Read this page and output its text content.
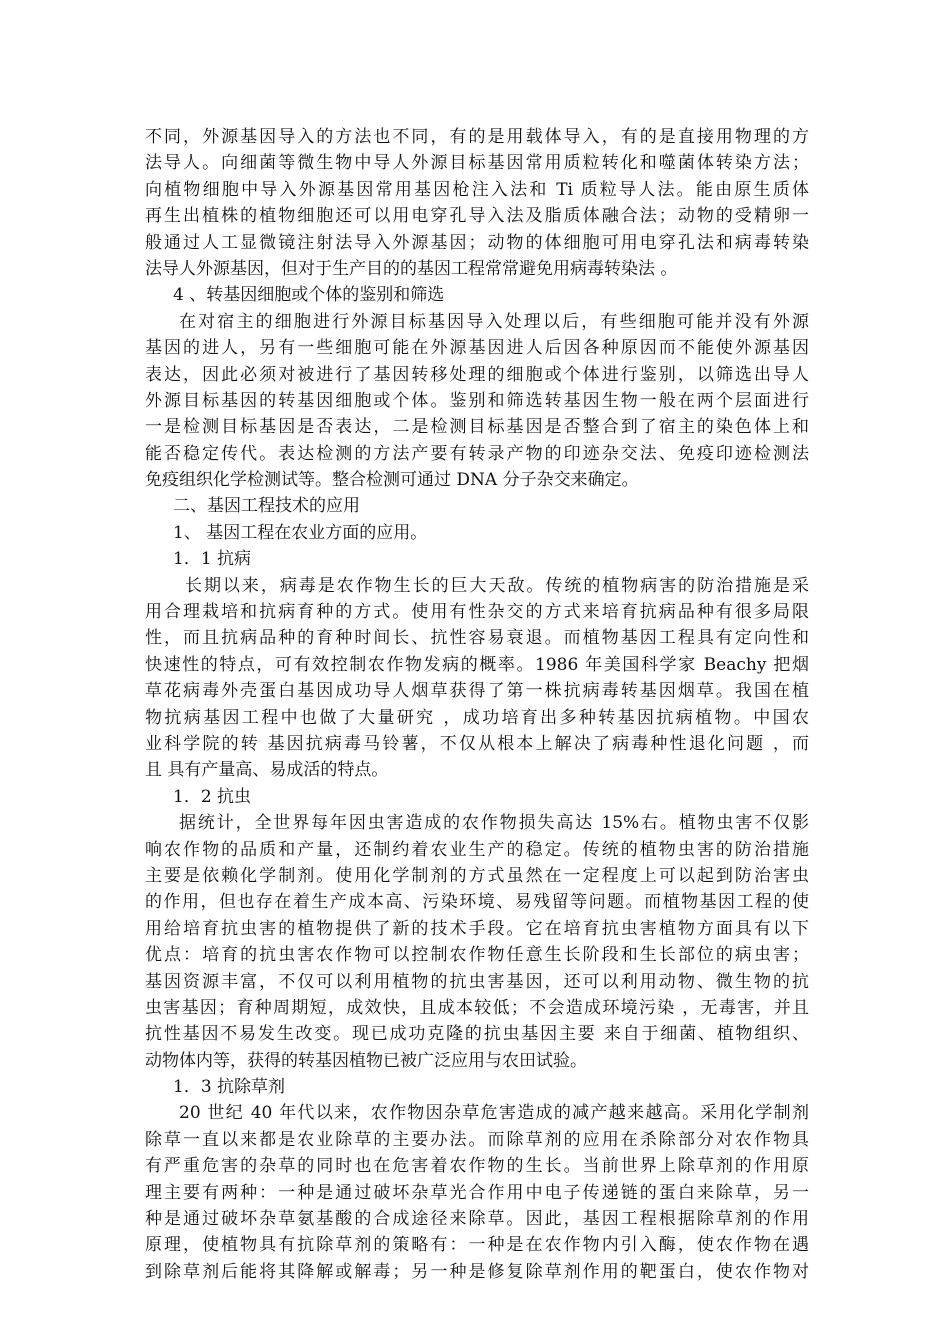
不同，外源基因导入的方法也不同，有的是用载体导入，有的是直接用物理的方
法导人。向细菌等微生物中导人外源目标基因常用质粒转化和噬菌体转染方法；
向植物细胞中导入外源基因常用基因枪注入法和 Ti 质粒导人法。能由原生质体
再生出植株的植物细胞还可以用电穿孔导入法及脂质体融合法；动物的受精卵一
般通过人工显微镜注射法导入外源基因；动物的体细胞可用电穿孔法和病毒转染
法导人外源基因，但对于生产目的的基因工程常常避免用病毒转染法 。
4 、转基因细胞或个体的鉴别和筛选
在对宿主的细胞进行外源目标基因导入处理以后，有些细胞可能并没有外源
基因的进人，另有一些细胞可能在外源基因进人后因各种原因而不能使外源基因
表达，因此必须对被进行了基因转移处理的细胞或个体进行鉴别，以筛选出导人
外源目标基因的转基因细胞或个体。鉴别和筛选转基因生物一般在两个层面进行
一是检测目标基因是否表达，二是检测目标基因是否整合到了宿主的染色体上和
能否稳定传代。表达检测的方法产要有转录产物的印迹杂交法、免疫印迹检测法
免疫组织化学检测试等。整合检测可通过 DNA 分子杂交来确定。
二、基因工程技术的应用
1、 基因工程在农业方面的应用。
1．1 抗病
长期以来，病毒是农作物生长的巨大天敌。传统的植物病害的防治措施是采
用合理栽培和抗病育种的方式。使用有性杂交的方式来培育抗病品种有很多局限
性，而且抗病品种的育种时间长、抗性容易衰退。而植物基因工程具有定向性和
快速性的特点，可有效控制农作物发病的概率。1986 年美国科学家 Beachy 把烟
草花病毒外壳蛋白基因成功导人烟草获得了第一株抗病毒转基因烟草。我国在植
物抗病基因工程中也做了大量研究 ，成功培育出多种转基因抗病植物。中国农
业科学院的转 基因抗病毒马铃薯，不仅从根本上解决了病毒种性退化问题 ，而
且 具有产量高、易成活的特点。
1．2 抗虫
据统计，全世界每年因虫害造成的农作物损失高达 15%右。植物虫害不仅影
响农作物的品质和产量，还制约着农业生产的稳定。传统的植物虫害的防治措施
主要是依赖化学制剂。使用化学制剂的方式虽然在一定程度上可以起到防治害虫
的作用，但也存在着生产成本高、污染环境、易残留等问题。而植物基因工程的使
用给培育抗虫害的植物提供了新的技术手段。它在培育抗虫害植物方面具有以下
优点：培育的抗虫害农作物可以控制农作物任意生长阶段和生长部位的病虫害；
基因资源丰富，不仅可以利用植物的抗虫害基因，还可以利用动物、微生物的抗
虫害基因；育种周期短，成效快，且成本较低；不会造成环境污染 ，无毒害，并且
抗性基因不易发生改变。现已成功克隆的抗虫基因主要 来自于细菌、植物组织、
动物体内等，获得的转基因植物已被广泛应用与农田试验。
1．3 抗除草剂
20 世纪 40 年代以来，农作物因杂草危害造成的减产越来越高。采用化学制剂
除草一直以来都是农业除草的主要办法。而除草剂的应用在杀除部分对农作物具
有严重危害的杂草的同时也在危害着农作物的生长。当前世界上除草剂的作用原
理主要有两种：一种是通过破坏杂草光合作用中电子传递链的蛋白来除草，另一
种是通过破坏杂草氨基酸的合成途径来除草。因此，基因工程根据除草剂的作用
原理，使植物具有抗除草剂的策略有：一种是在农作物内引入酶，使农作物在遇
到除草剂后能将其降解或解毒；另一种是修复除草剂作用的靶蛋白，使农作物对
